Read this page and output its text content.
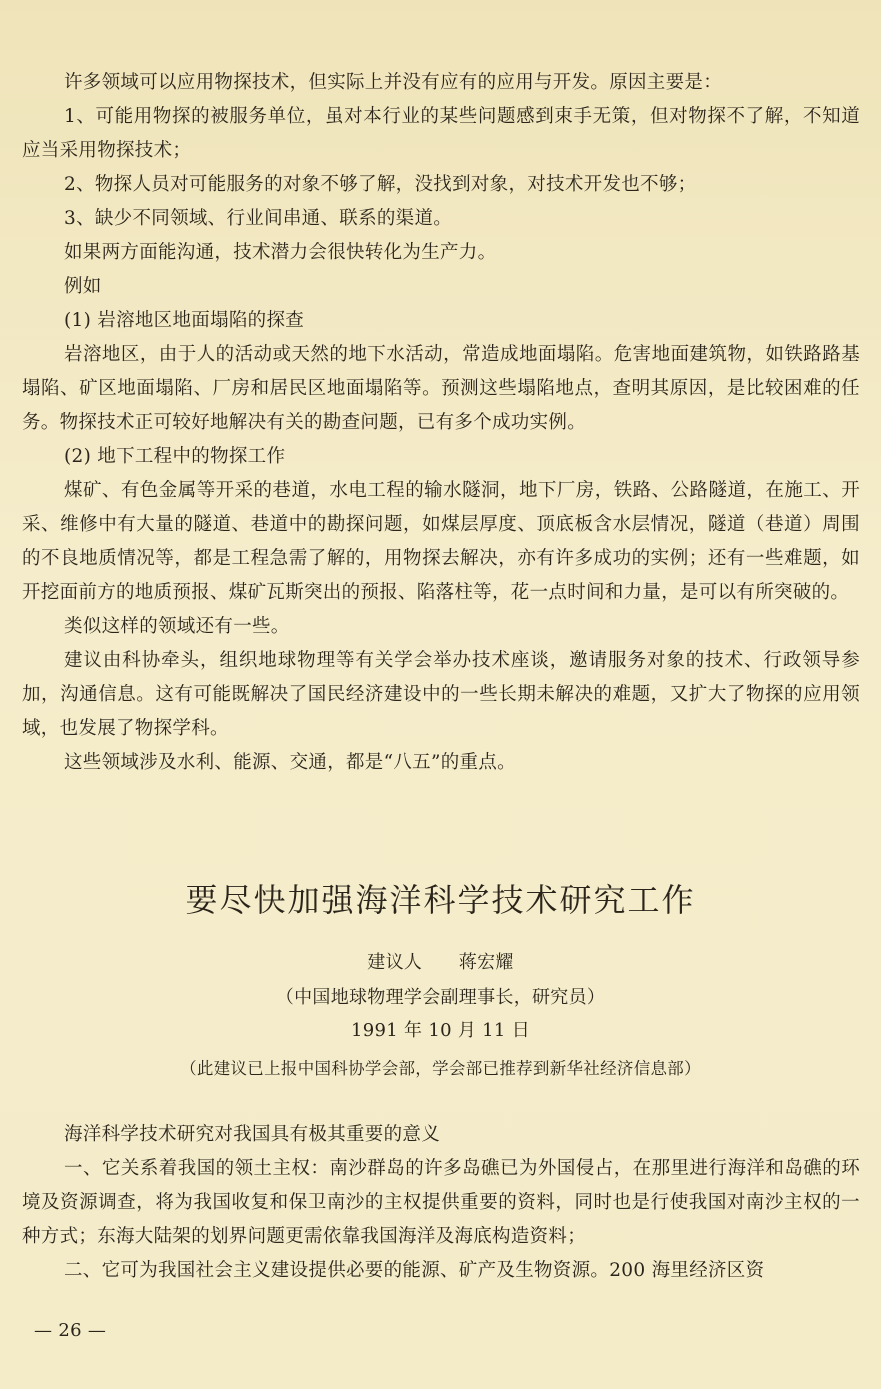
许多领域可以应用物探技术，但实际上并没有应有的应用与开发。原因主要是：

1、可能用物探的被服务单位，虽对本行业的某些问题感到束手无策，但对物探不了解，不知道应当采用物探技术；

2、物探人员对可能服务的对象不够了解，没找到对象，对技术开发也不够；

3、缺少不同领域、行业间串通、联系的渠道。

如果两方面能沟通，技术潜力会很快转化为生产力。

例如

(1) 岩溶地区地面塌陷的探查

岩溶地区，由于人的活动或天然的地下水活动，常造成地面塌陷。危害地面建筑物，如铁路路基塌陷、矿区地面塌陷、厂房和居民区地面塌陷等。预测这些塌陷地点，查明其原因，是比较困难的任务。物探技术正可较好地解决有关的勘查问题，已有多个成功实例。

(2) 地下工程中的物探工作

煤矿、有色金属等开采的巷道，水电工程的输水隧洞，地下厂房，铁路、公路隧道，在施工、开采、维修中有大量的隧道、巷道中的勘探问题，如煤层厚度、顶底板含水层情况，隧道（巷道）周围的不良地质情况等，都是工程急需了解的，用物探去解决，亦有许多成功的实例；还有一些难题，如开挖面前方的地质预报、煤矿瓦斯突出的预报、陷落柱等，花一点时间和力量，是可以有所突破的。

类似这样的领域还有一些。

建议由科协牵头，组织地球物理等有关学会举办技术座谈，邀请服务对象的技术、行政领导参加，沟通信息。这有可能既解决了国民经济建设中的一些长期未解决的难题，又扩大了物探的应用领域，也发展了物探学科。

这些领域涉及水利、能源、交通，都是“八五”的重点。

要尽快加强海洋科学技术研究工作

建议人　　蒋宏耀

（中国地球物理学会副理事长，研究员）

1991 年 10 月 11 日

（此建议已上报中国科协学会部，学会部已推荐到新华社经济信息部）

海洋科学技术研究对我国具有极其重要的意义

一、它关系着我国的领土主权：南沙群岛的许多岛礁已为外国侵占，在那里进行海洋和岛礁的环境及资源调查，将为我国收复和保卫南沙的主权提供重要的资料，同时也是行使我国对南沙主权的一种方式；东海大陆架的划界问题更需依靠我国海洋及海底构造资料；

二、它可为我国社会主义建设提供必要的能源、矿产及生物资源。200 海里经济区资

— 26 —
